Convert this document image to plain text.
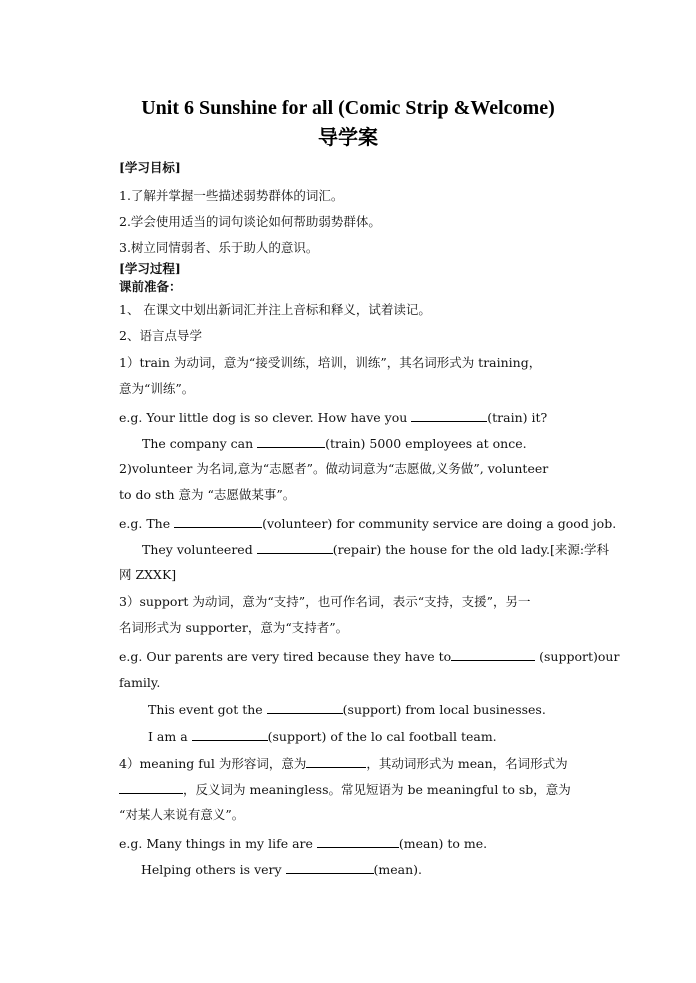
Unit 6 Sunshine for all (Comic Strip &Welcome)
导学案
[学习目标]
1.了解并掌握一些描述弱势群体的词汇。
2.学会使用适当的词句谈论如何帮助弱势群体。
3.树立同情弱者、乐于助人的意识。
[学习过程]
课前准备：
1、 在课文中划出新词汇并注上音标和释义，试着读记。
2、语言点导学
1）train 为动词，意为“接受训练，培训，训练”，其名词形式为 training，
意为“训练”。
e.g. Your little dog is so clever. How have you	(train) it?
The company can	(train) 5000 employees at once.
2)volunteer 为名词,意为“志愿者”。做动词意为“志愿做,义务做”, volunteer
to do sth 意为 “志愿做某事”。
e.g. The	(volunteer) for community service are doing a good job.
They volunteered	(repair) the house for the old lady.[来源:学科
网 ZXXK]
3）support 为动词，意为“支持”，也可作名词，表示“支持，支援”，另一
名词形式为 supporter，意为“支持者”。
e.g. Our parents are very tired because they have to	(support)our
family.
This event got the	(support) from local businesses.
I am a	(support) of the lo cal football team.
4）meaning ful 为形容词，意为	，其动词形式为 mean，名词形式为
，反义词为 meaningless。常见短语为 be meaningful to sb，意为
“对某人来说有意义”。
e.g. Many things in my life are	(mean) to me.
Helping others is very	(mean).
